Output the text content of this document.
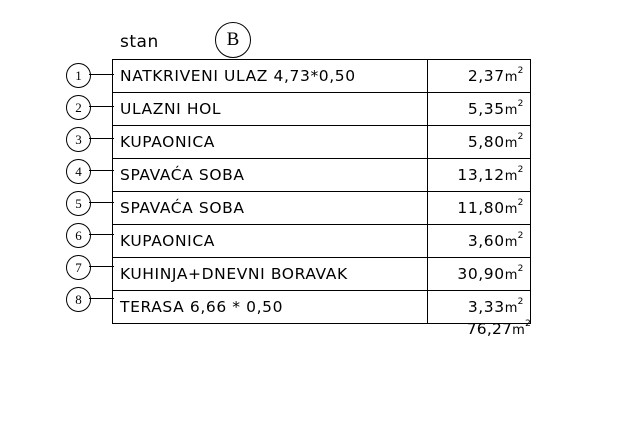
stan	B
1
2
3
4
5
6
7
8
NATKRIVENI ULAZ 4,73*0,50	2,37m 2

ULAZNI HOL	5,35m 2

KUPAONICA	5,80m 2

SPAVAĆA SOBA	13,12m 2

SPAVAĆA SOBA	11,80m 2

KUPAONICA	3,60m 2

KUHINJA+DNEVNI BORAVAK	30,90m 2

TERASA 6,66 * 0,50	3,33m 2
76,27m 2
